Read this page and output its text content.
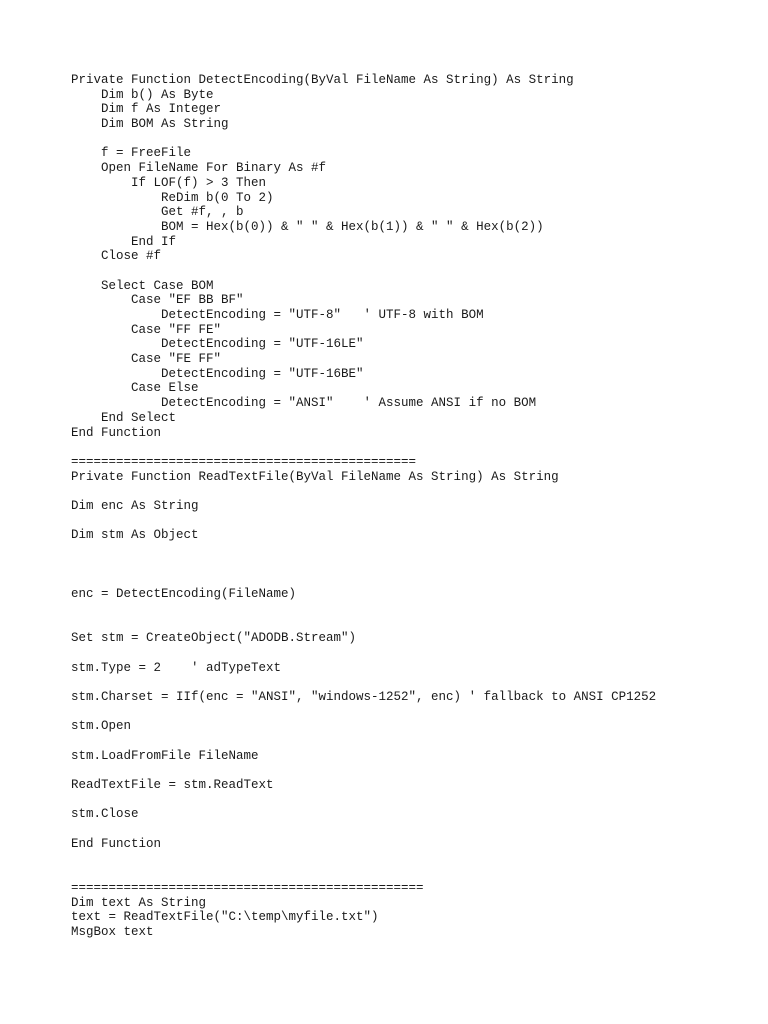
Private Function DetectEncoding(ByVal FileName As String) As String
Dim b() As Byte
Dim f As Integer
Dim BOM As String
f = FreeFile
Open FileName For Binary As #f
If LOF(f) > 3 Then
ReDim b(0 To 2)
Get #f, , b
BOM = Hex(b(0)) & " " & Hex(b(1)) & " " & Hex(b(2))
End If
Close #f
Select Case BOM
Case "EF BB BF"
DetectEncoding = "UTF-8"   ' UTF-8 with BOM
Case "FF FE"
DetectEncoding = "UTF-16LE"
Case "FE FF"
DetectEncoding = "UTF-16BE"
Case Else
DetectEncoding = "ANSI"    ' Assume ANSI if no BOM
End Select
End Function
==============================================
Private Function ReadTextFile(ByVal FileName As String) As String
Dim enc As String
Dim stm As Object
enc = DetectEncoding(FileName)
Set stm = CreateObject("ADODB.Stream")
stm.Type = 2    ' adTypeText
stm.Charset = IIf(enc = "ANSI", "windows-1252", enc) ' fallback to ANSI CP1252
stm.Open
stm.LoadFromFile FileName
ReadTextFile = stm.ReadText
stm.Close
End Function
===============================================
Dim text As String
text = ReadTextFile("C:\temp\myfile.txt")
MsgBox text
